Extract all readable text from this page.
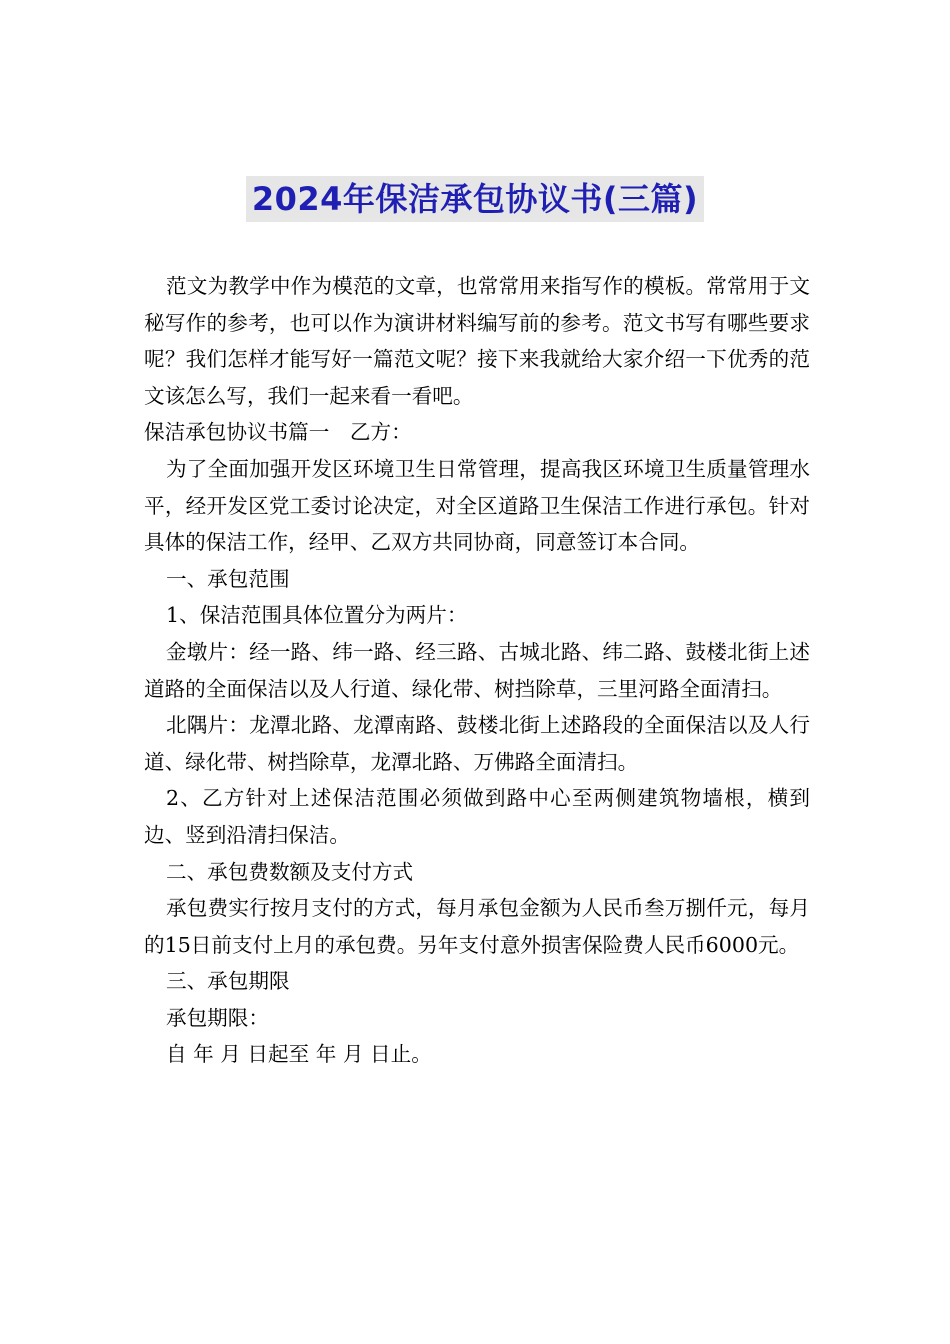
2024年保洁承包协议书(三篇)

范文为教学中作为模范的文章，也常常用来指写作的模板。常常用于文秘写作的参考，也可以作为演讲材料编写前的参考。范文书写有哪些要求呢？我们怎样才能写好一篇范文呢？接下来我就给大家介绍一下优秀的范文该怎么写，我们一起来看一看吧。

保洁承包协议书篇一　乙方：

为了全面加强开发区环境卫生日常管理，提高我区环境卫生质量管理水平，经开发区党工委讨论决定，对全区道路卫生保洁工作进行承包。针对具体的保洁工作，经甲、乙双方共同协商，同意签订本合同。

一、承包范围

1、保洁范围具体位置分为两片：

金墩片：经一路、纬一路、经三路、古城北路、纬二路、鼓楼北街上述道路的全面保洁以及人行道、绿化带、树挡除草，三里河路全面清扫。

北隅片：龙潭北路、龙潭南路、鼓楼北街上述路段的全面保洁以及人行道、绿化带、树挡除草，龙潭北路、万佛路全面清扫。

2、乙方针对上述保洁范围必须做到路中心至两侧建筑物墙根，横到边、竖到沿清扫保洁。

二、承包费数额及支付方式

承包费实行按月支付的方式，每月承包金额为人民币叁万捌仟元，每月的15日前支付上月的承包费。另年支付意外损害保险费人民币6000元。

三、承包期限

承包期限：

自 年 月 日起至 年 月 日止。
